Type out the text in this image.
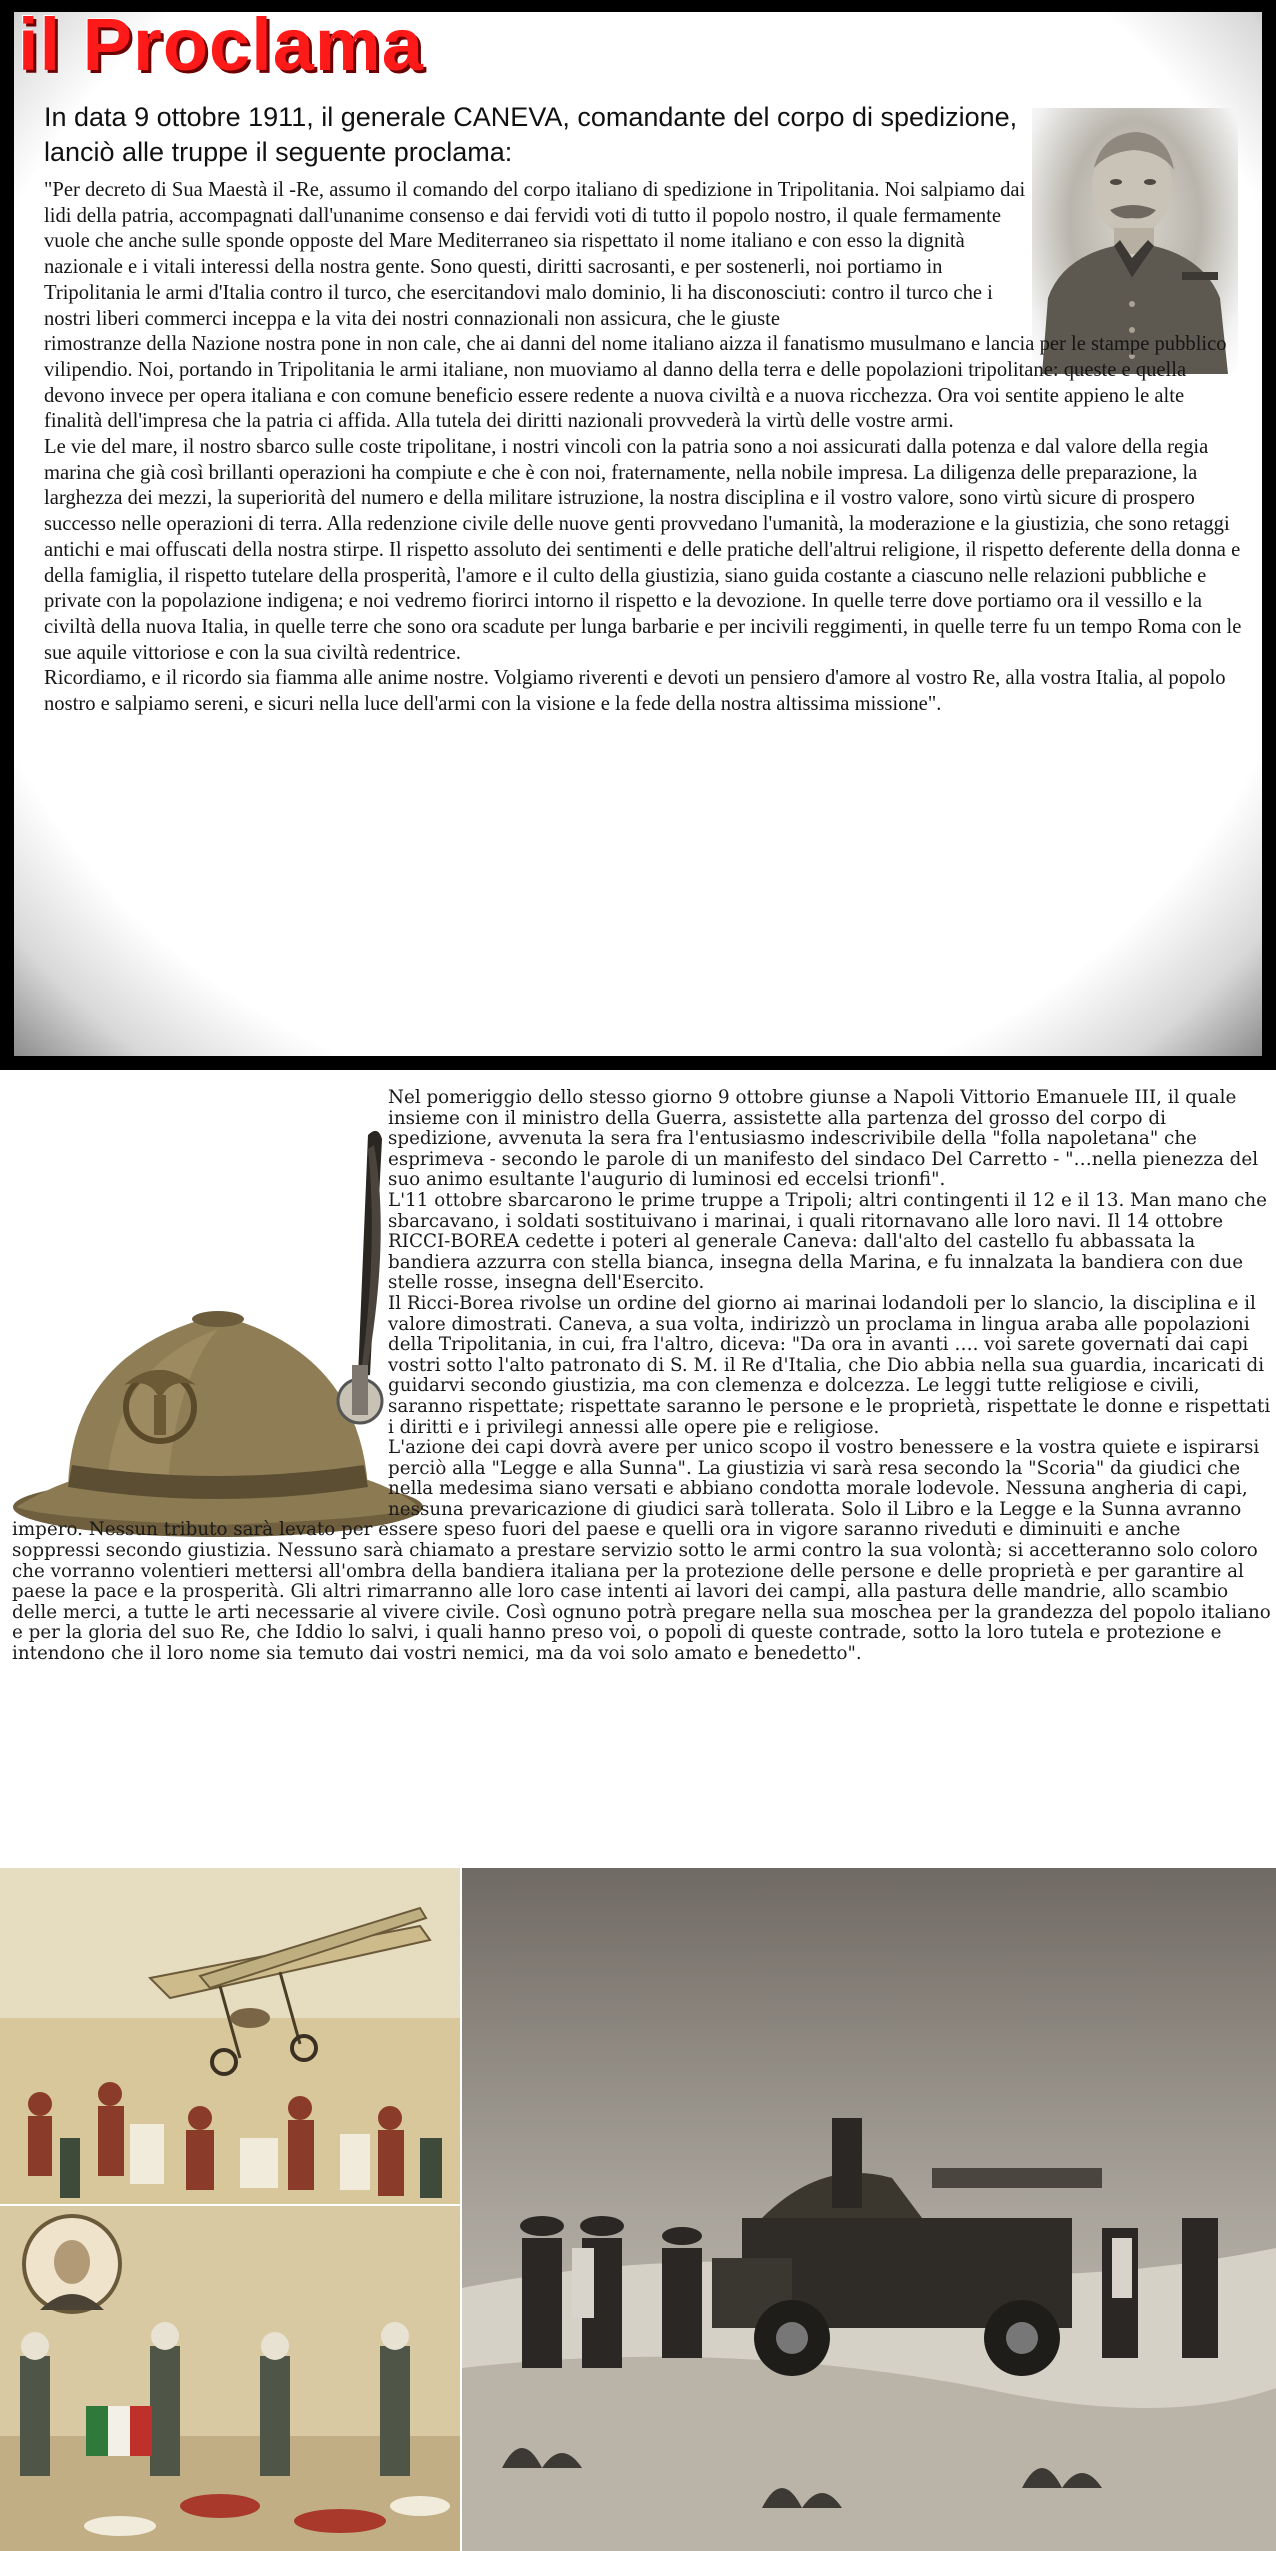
il Proclama

In data 9 ottobre 1911, il generale CANEVA, comandante del corpo di spedizione, lanciò alle truppe il seguente proclama:

"Per decreto di Sua Maestà il -Re, assumo il comando del corpo italiano di spedizione in Tripolitania. Noi salpiamo dai lidi della patria, accompagnati dall'unanime consenso e dai fervidi voti di tutto il popolo nostro, il quale fermamente vuole che anche sulle sponde opposte del Mare Mediterraneo sia rispettato il nome italiano e con esso la dignità nazionale e i vitali interessi della nostra gente. Sono questi, diritti sacrosanti, e per sostenerli, noi portiamo in Tripolitania le armi d'Italia contro il turco, che esercitandovi malo dominio, li ha disconosciuti: contro il turco che i nostri liberi commerci inceppa e la vita dei nostri connazionali non assicura, che le giuste

rimostranze della Nazione nostra pone in non cale, che ai danni del nome italiano aizza il fanatismo musulmano e lancia per le stampe pubblico vilipendio. Noi, portando in Tripolitania le armi italiane, non muoviamo al danno della terra e delle popolazioni tripolitane: queste e quella devono invece per opera italiana e con comune beneficio essere redente a nuova civiltà e a nuova ricchezza. Ora voi sentite appieno le alte finalità dell'impresa che la patria ci affida. Alla tutela dei diritti nazionali provvederà la virtù delle vostre armi.

Le vie del mare, il nostro sbarco sulle coste tripolitane, i nostri vincoli con la patria sono a noi assicurati dalla potenza e dal valore della regia marina che già così brillanti operazioni ha compiute e che è con noi, fraternamente, nella nobile impresa. La diligenza delle preparazione, la larghezza dei mezzi, la superiorità del numero e della militare istruzione, la nostra disciplina e il vostro valore, sono virtù sicure di prospero successo nelle operazioni di terra. Alla redenzione civile delle nuove genti provvedano l'umanità, la moderazione e la giustizia, che sono retaggi antichi e mai offuscati della nostra stirpe. Il rispetto assoluto dei sentimenti e delle pratiche dell'altrui religione, il rispetto deferente della donna e della famiglia, il rispetto tutelare della prosperità, l'amore e il culto della giustizia, siano guida costante a ciascuno nelle relazioni pubbliche e private con la popolazione indigena; e noi vedremo fiorirci intorno il rispetto e la devozione. In quelle terre dove portiamo ora il vessillo e la civiltà della nuova Italia, in quelle terre che sono ora scadute per lunga barbarie e per incivili reggimenti, in quelle terre fu un tempo Roma con le sue aquile vittoriose e con la sua civiltà redentrice.

Ricordiamo, e il ricordo sia fiamma alle anime nostre. Volgiamo riverenti e devoti un pensiero d'amore al vostro Re, alla vostra Italia, al popolo nostro e salpiamo sereni, e sicuri nella luce dell'armi con la visione e la fede della nostra altissima missione".

Nel pomeriggio dello stesso giorno 9 ottobre giunse a Napoli Vittorio Emanuele III, il quale insieme con il ministro della Guerra, assistette alla partenza del grosso del corpo di spedizione, avvenuta la sera fra l'entusiasmo indescrivibile della "folla napoletana" che esprimeva - secondo le parole di un manifesto del sindaco Del Carretto - "…nella pienezza del suo animo esultante l'augurio di luminosi ed eccelsi trionfi".

L'11 ottobre sbarcarono le prime truppe a Tripoli; altri contingenti il 12 e il 13. Man mano che sbarcavano, i soldati sostituivano i marinai, i quali ritornavano alle loro navi. Il 14 ottobre RICCI-BOREA cedette i poteri al generale Caneva: dall'alto del castello fu abbassata la bandiera azzurra con stella bianca, insegna della Marina, e fu innalzata la bandiera con due stelle rosse, insegna dell'Esercito.

Il Ricci-Borea rivolse un ordine del giorno ai marinai lodandoli per lo slancio, la disciplina e il valore dimostrati. Caneva, a sua volta, indirizzò un proclama in lingua araba alle popolazioni della Tripolitania, in cui, fra l'altro, diceva: "Da ora in avanti …. voi sarete governati dai capi vostri sotto l'alto patronato di S. M. il Re d'Italia, che Dio abbia nella sua guardia, incaricati di guidarvi secondo giustizia, ma con clemenza e dolcezza. Le leggi tutte religiose e civili, saranno rispettate; rispettate saranno le persone e le proprietà, rispettate le donne e rispettati i diritti e i privilegi annessi alle opere pie e religiose.

L'azione dei capi dovrà avere per unico scopo il vostro benessere e la vostra quiete e ispirarsi perciò alla "Legge e alla Sunna". La giustizia vi sarà resa secondo la "Scoria" da giudici che nella medesima siano versati e abbiano condotta morale lodevole. Nessuna angheria di capi, nessuna prevaricazione di giudici sarà tollerata. Solo il Libro e la Legge e la Sunna avranno impero. Nessun tributo sarà levato per essere speso fuori del paese e quelli ora in vigore saranno riveduti e diminuiti e anche soppressi secondo giustizia. Nessuno sarà chiamato a prestare servizio sotto le armi contro la sua volontà; si accetteranno solo coloro che vorranno volentieri mettersi all'ombra della bandiera italiana per la protezione delle persone e delle proprietà e per garantire al paese la pace e la prosperità. Gli altri rimarranno alle loro case intenti ai lavori dei campi, alla pastura delle mandrie, allo scambio delle merci, a tutte le arti necessarie al vivere civile. Così ognuno potrà pregare nella sua moschea per la grandezza del popolo italiano e per la gloria del suo Re, che Iddio lo salvi, i quali hanno preso voi, o popoli di queste contrade, sotto la loro tutela e protezione e intendono che il loro nome sia temuto dai vostri nemici, ma da voi solo amato e benedetto".
